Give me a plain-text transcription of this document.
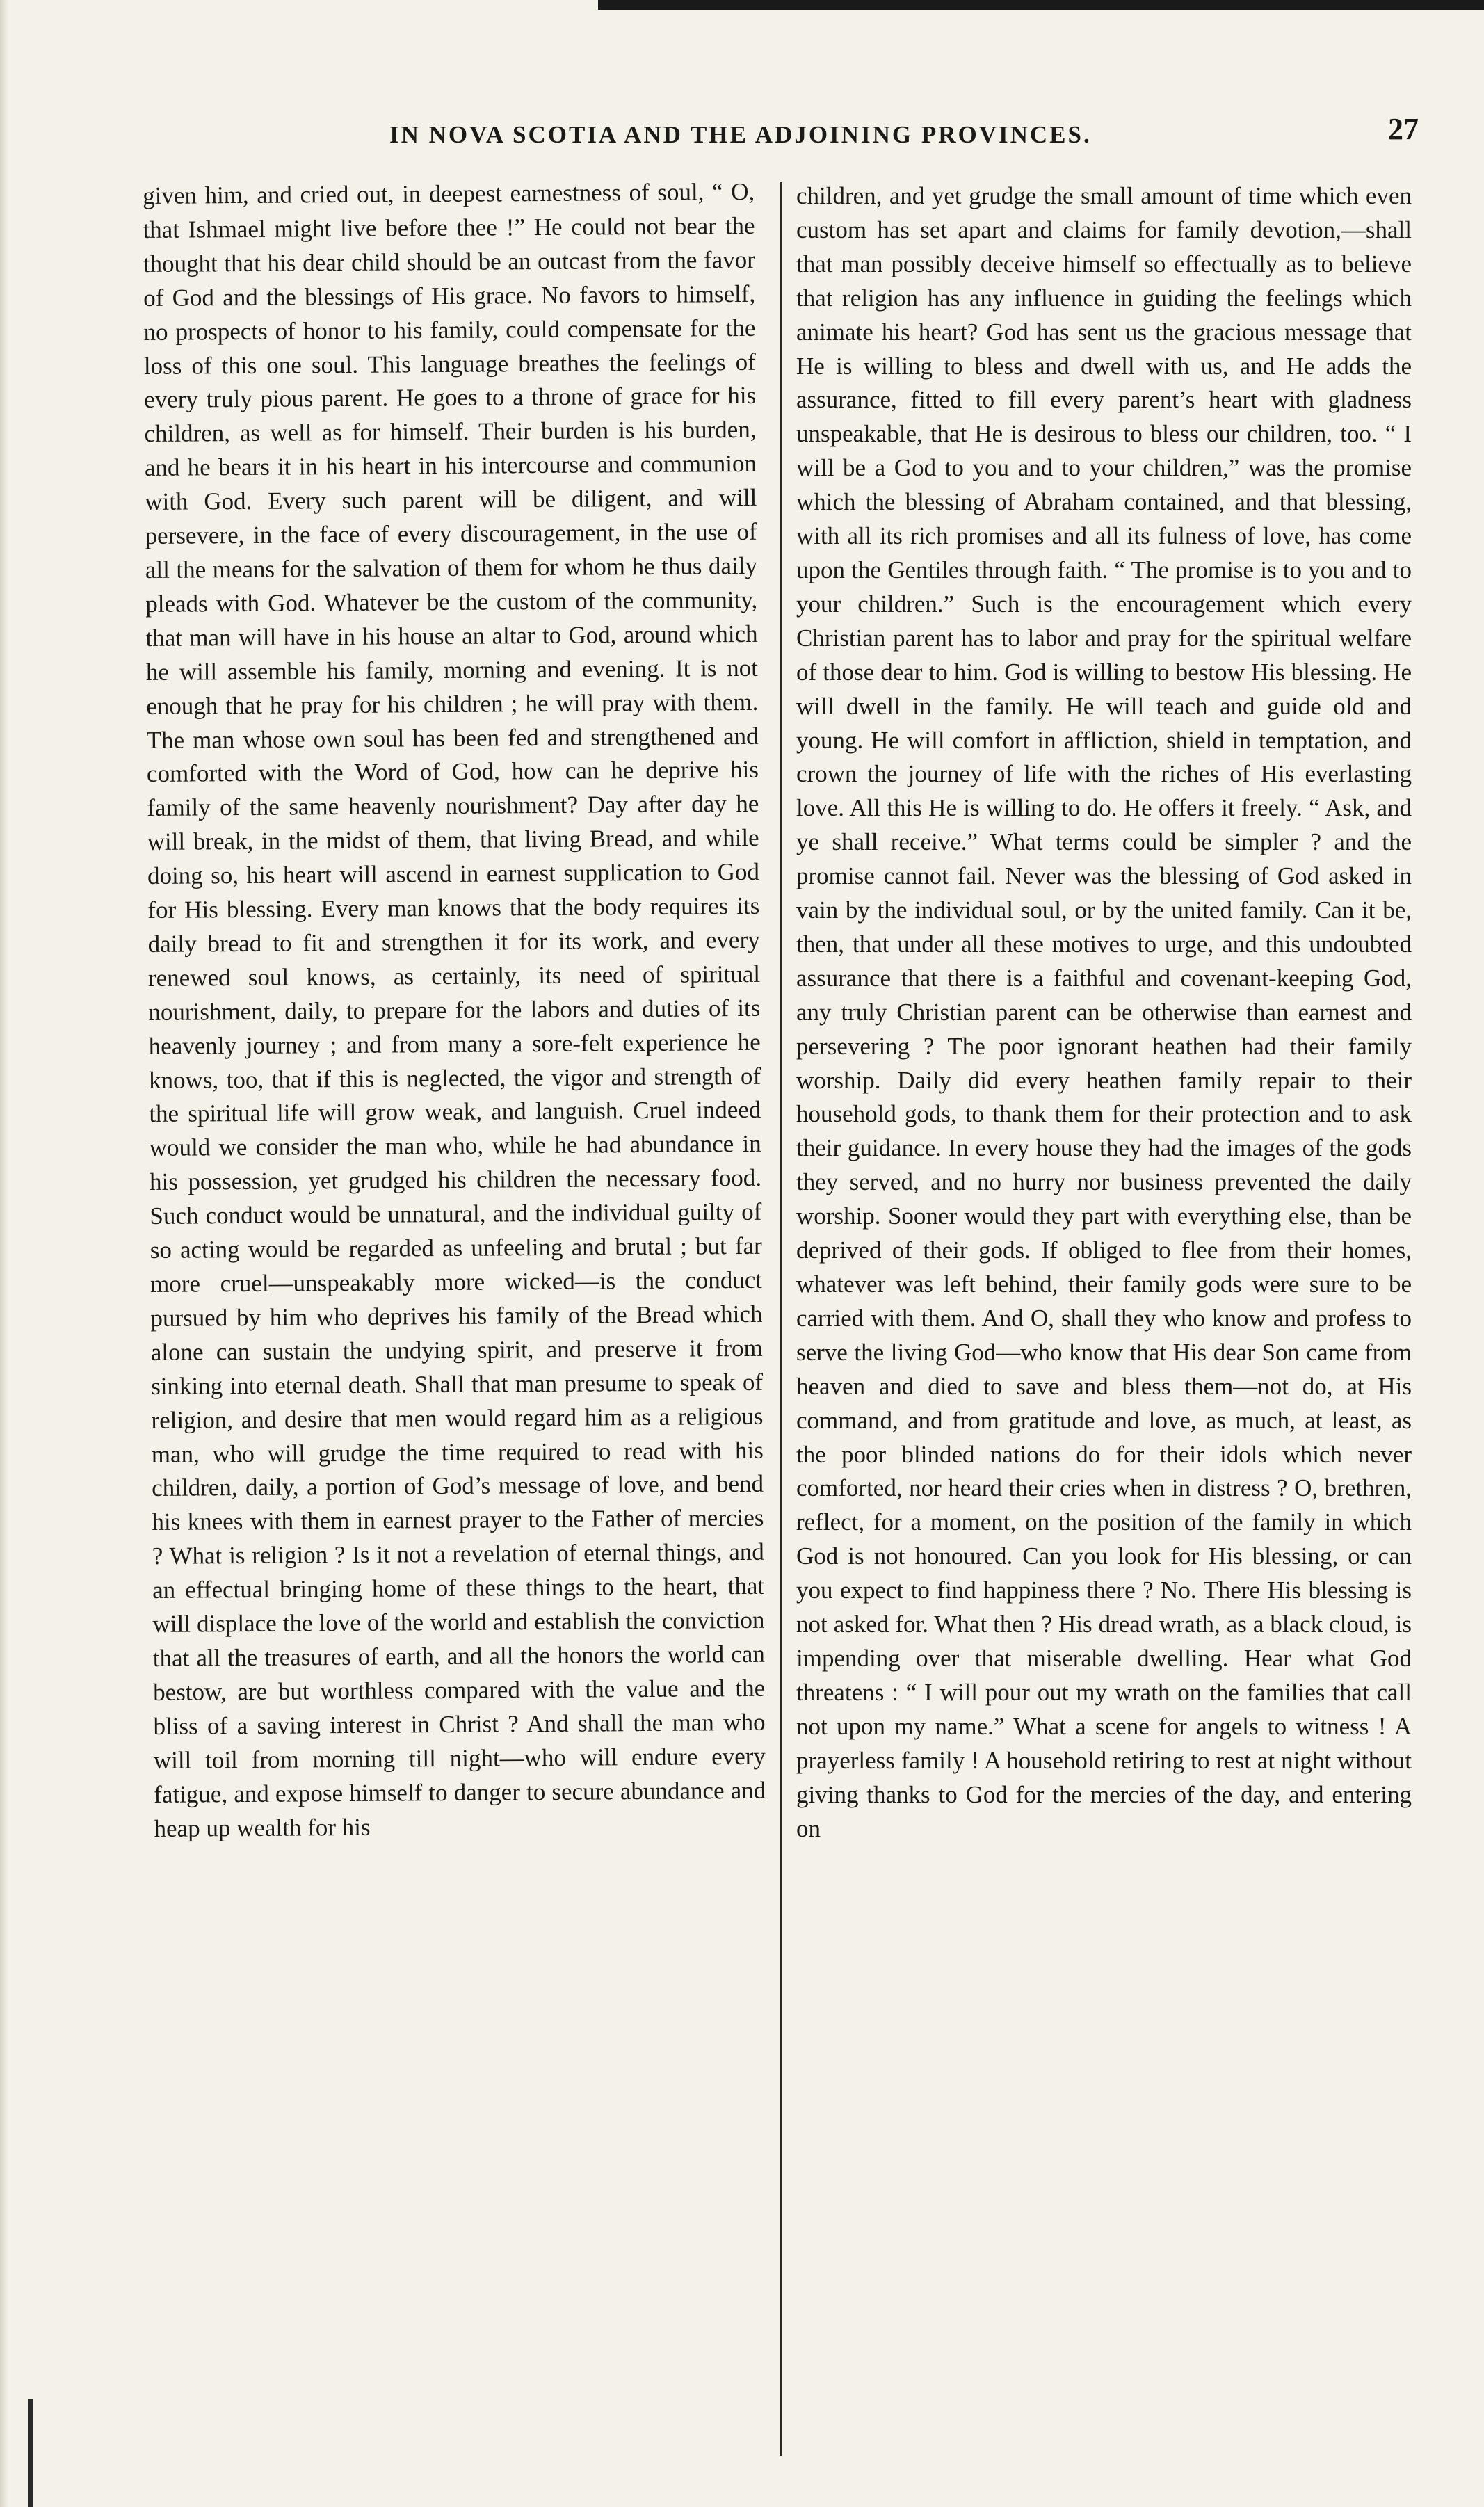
IN NOVA SCOTIA AND THE ADJOINING PROVINCES.	27

given him, and cried out, in deepest earnestness of soul, “ O, that Ishmael might live before thee !” He could not bear the thought that his dear child should be an outcast from the favor of God and the blessings of His grace. No favors to himself, no prospects of honor to his family, could compensate for the loss of this one soul. This language breathes the feelings of every truly pious parent. He goes to a throne of grace for his children, as well as for himself. Their burden is his burden, and he bears it in his heart in his intercourse and communion with God. Every such parent will be diligent, and will persevere, in the face of every discouragement, in the use of all the means for the salvation of them for whom he thus daily pleads with God. Whatever be the custom of the community, that man will have in his house an altar to God, around which he will assemble his family, morning and evening. It is not enough that he pray for his children ; he will pray with them. The man whose own soul has been fed and strengthened and comforted with the Word of God, how can he deprive his family of the same heavenly nourishment? Day after day he will break, in the midst of them, that living Bread, and while doing so, his heart will ascend in earnest supplication to God for His blessing. Every man knows that the body requires its daily bread to fit and strengthen it for its work, and every renewed soul knows, as certainly, its need of spiritual nourishment, daily, to prepare for the labors and duties of its heavenly journey ; and from many a sore-felt experience he knows, too, that if this is neglected, the vigor and strength of the spiritual life will grow weak, and languish. Cruel indeed would we consider the man who, while he had abundance in his possession, yet grudged his children the necessary food. Such conduct would be unnatural, and the individual guilty of so acting would be regarded as unfeeling and brutal ; but far more cruel—unspeakably more wicked—is the conduct pursued by him who deprives his family of the Bread which alone can sustain the undying spirit, and preserve it from sinking into eternal death. Shall that man presume to speak of religion, and desire that men would regard him as a religious man, who will grudge the time required to read with his children, daily, a portion of God’s message of love, and bend his knees with them in earnest prayer to the Father of mercies ? What is religion ? Is it not a revelation of eternal things, and an effectual bringing home of these things to the heart, that will displace the love of the world and establish the conviction that all the treasures of earth, and all the honors the world can bestow, are but worthless compared with the value and the bliss of a saving interest in Christ ? And shall the man who will toil from morning till night—who will endure every fatigue, and expose himself to danger to secure abundance and heap up wealth for his

children, and yet grudge the small amount of time which even custom has set apart and claims for family devotion,—shall that man possibly deceive himself so effectually as to believe that religion has any influence in guiding the feelings which animate his heart? God has sent us the gracious message that He is willing to bless and dwell with us, and He adds the assurance, fitted to fill every parent’s heart with gladness unspeakable, that He is desirous to bless our children, too. “ I will be a God to you and to your children,” was the promise which the blessing of Abraham contained, and that blessing, with all its rich promises and all its fulness of love, has come upon the Gentiles through faith. “ The promise is to you and to your children.” Such is the encouragement which every Christian parent has to labor and pray for the spiritual welfare of those dear to him. God is willing to bestow His blessing. He will dwell in the family. He will teach and guide old and young. He will comfort in affliction, shield in temptation, and crown the journey of life with the riches of His everlasting love. All this He is willing to do. He offers it freely. “ Ask, and ye shall receive.” What terms could be simpler ? and the promise cannot fail. Never was the blessing of God asked in vain by the individual soul, or by the united family. Can it be, then, that under all these motives to urge, and this undoubted assurance that there is a faithful and covenant-keeping God, any truly Christian parent can be otherwise than earnest and persevering ? The poor ignorant heathen had their family worship. Daily did every heathen family repair to their household gods, to thank them for their protection and to ask their guidance. In every house they had the images of the gods they served, and no hurry nor business prevented the daily worship. Sooner would they part with everything else, than be deprived of their gods. If obliged to flee from their homes, whatever was left behind, their family gods were sure to be carried with them. And O, shall they who know and profess to serve the living God—who know that His dear Son came from heaven and died to save and bless them—not do, at His command, and from gratitude and love, as much, at least, as the poor blinded nations do for their idols which never comforted, nor heard their cries when in distress ? O, brethren, reflect, for a moment, on the position of the family in which God is not honoured. Can you look for His blessing, or can you expect to find happiness there ? No. There His blessing is not asked for. What then ? His dread wrath, as a black cloud, is impending over that miserable dwelling. Hear what God threatens : “ I will pour out my wrath on the families that call not upon my name.” What a scene for angels to witness ! A prayerless family ! A household retiring to rest at night without giving thanks to God for the mercies of the day, and entering on
